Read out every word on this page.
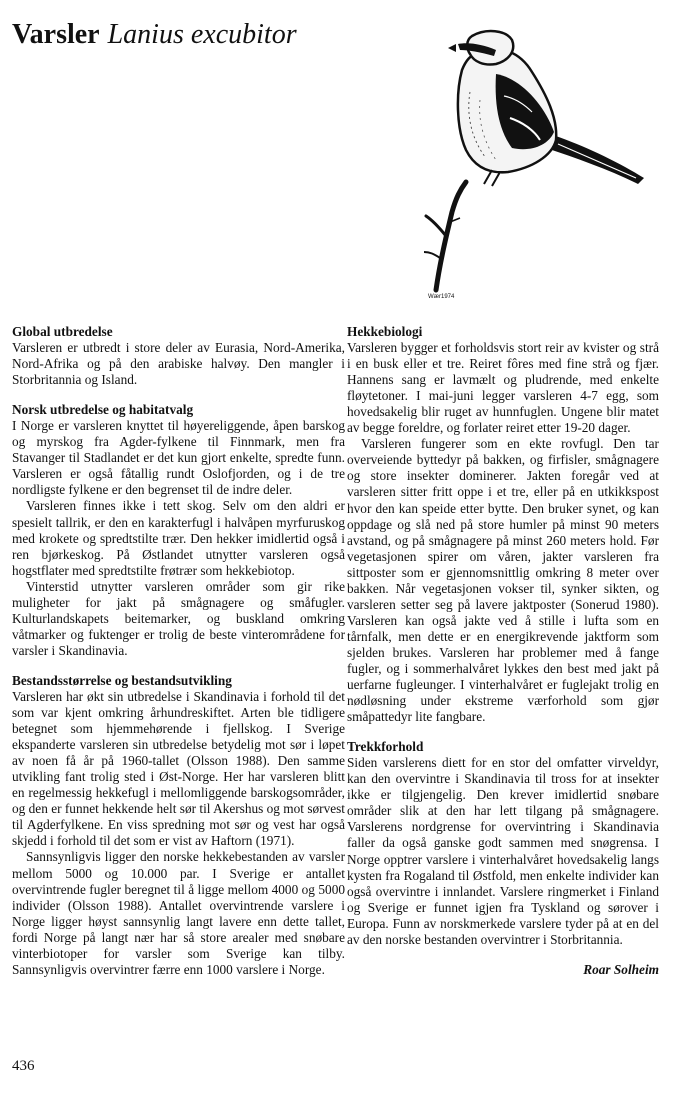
Varsler Lanius excubitor
Wær1974
Global utbredelse

Varsleren er utbredt i store deler av Eurasia, Nord-Amerika, Nord-Afrika og på den arabiske halvøy. Den mangler i Storbritannia og Island.

Norsk utbredelse og habitatvalg

I Norge er varsleren knyttet til høyereliggende, åpen barskog og myrskog fra Agder-fylkene til Finnmark, men fra Stavanger til Stadlandet er det kun gjort enkelte, spredte funn. Varsleren er også fåtallig rundt Oslofjorden, og i de tre nordligste fylkene er den begrenset til de indre deler.

Varsleren finnes ikke i tett skog. Selv om den aldri er spesielt tallrik, er den en karakterfugl i halvåpen myrfuruskog med krokete og spredtstilte trær. Den hekker imidlertid også i ren bjørkeskog. På Østlandet utnytter varsleren også hogstflater med spredtstilte frøtrær som hekkebiotop.

Vinterstid utnytter varsleren områder som gir rike muligheter for jakt på smågnagere og småfugler. Kulturlandskapets beitemarker, og buskland omkring våtmarker og fuktenger er trolig de beste vinterområdene for varsler i Skandinavia.

Bestandsstørrelse og bestandsutvikling

Varsleren har økt sin utbredelse i Skandinavia i forhold til det som var kjent omkring århundreskiftet. Arten ble tidligere betegnet som hjemmehørende i fjellskog. I Sverige ekspanderte varsleren sin utbredelse betydelig mot sør i løpet av noen få år på 1960-tallet (Olsson 1988). Den samme utvikling fant trolig sted i Øst-Norge. Her har varsleren blitt en regelmessig hekkefugl i mellomliggende barskogsområder, og den er funnet hekkende helt sør til Akershus og mot sørvest til Agderfylkene. En viss spredning mot sør og vest har også skjedd i forhold til det som er vist av Haftorn (1971).

Sannsynligvis ligger den norske hekkebestanden av varsler mellom 5000 og 10.000 par. I Sverige er antallet overvintrende fugler beregnet til å ligge mellom 4000 og 5000 individer (Olsson 1988). Antallet overvintrende varslere i Norge ligger høyst sannsynlig langt lavere enn dette tallet, fordi Norge på langt nær har så store arealer med snøbare vinterbiotoper for varsler som Sverige kan tilby. Sannsynligvis overvintrer færre enn 1000 varslere i Norge.

Hekkebiologi

Varsleren bygger et forholdsvis stort reir av kvister og strå i en busk eller et tre. Reiret fôres med fine strå og fjær. Hannens sang er lavmælt og pludrende, med enkelte fløytetoner. I mai-juni legger varsleren 4-7 egg, som hovedsakelig blir ruget av hunnfuglen. Ungene blir matet av begge foreldre, og forlater reiret etter 19-20 dager.

Varsleren fungerer som en ekte rovfugl. Den tar overveiende byttedyr på bakken, og firfisler, smågnagere og store insekter dominerer. Jakten foregår ved at varsleren sitter fritt oppe i et tre, eller på en utkikkspost hvor den kan speide etter bytte. Den bruker synet, og kan oppdage og slå ned på store humler på minst 90 meters avstand, og på smågnagere på minst 260 meters hold. Før vegetasjonen spirer om våren, jakter varsleren fra sittposter som er gjennomsnittlig omkring 8 meter over bakken. Når vegetasjonen vokser til, synker sikten, og varsleren setter seg på lavere jaktposter (Sonerud 1980). Varsleren kan også jakte ved å stille i lufta som en tårnfalk, men dette er en energikrevende jaktform som sjelden brukes. Varsleren har problemer med å fange fugler, og i sommerhalvåret lykkes den best med jakt på uerfarne fugleunger. I vinterhalvåret er fuglejakt trolig en nødløsning under ekstreme værforhold som gjør småpattedyr lite fangbare.

Trekkforhold

Siden varslerens diett for en stor del omfatter virveldyr, kan den overvintre i Skandinavia til tross for at insekter ikke er tilgjengelig. Den krever imidlertid snøbare områder slik at den har lett tilgang på smågnagere. Varslerens nordgrense for overvintring i Skandinavia faller da også ganske godt sammen med snøgrensa. I Norge opptrer varslere i vinterhalvåret hovedsakelig langs kysten fra Rogaland til Østfold, men enkelte individer kan også overvintre i innlandet. Varslere ringmerket i Finland og Sverige er funnet igjen fra Tyskland og sørover i Europa. Funn av norskmerkede varslere tyder på at en del av den norske bestanden overvintrer i Storbritannia.

Roar Solheim
436
